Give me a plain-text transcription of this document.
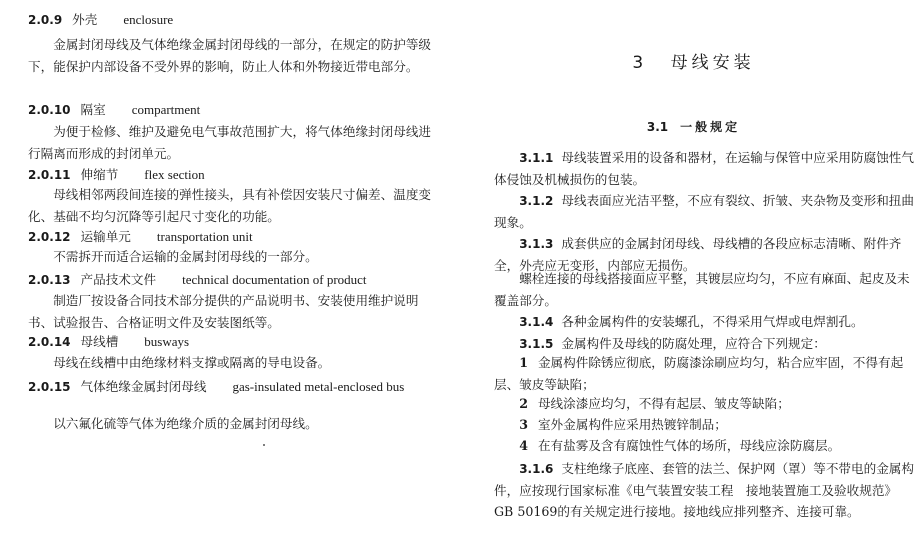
2.0.9 外壳 enclosure

金属封闭母线及气体绝缘金属封闭母线的一部分，在规定的防护等级下，能保护内部设备不受外界的影响，防止人体和外物接近带电部分。

2.0.10 隔室 compartment

为便于检修、维护及避免电气事故范围扩大，将气体绝缘封闭母线进行隔离而形成的封闭单元。

2.0.11 伸缩节 flex section

母线相邻两段间连接的弹性接头，具有补偿因安装尺寸偏差、温度变化、基础不均匀沉降等引起尺寸变化的功能。

2.0.12 运输单元 transportation unit

不需拆开而适合运输的金属封闭母线的一部分。

2.0.13 产品技术文件 technical documentation of product

制造厂按设备合同技术部分提供的产品说明书、安装使用维护说明书、试验报告、合格证明文件及安装图纸等。

2.0.14 母线槽 busways

母线在线槽中由绝缘材料支撑或隔离的导电设备。

2.0.15 气体绝缘金属封闭母线 gas-insulated metal-enclosed bus

以六氟化硫等气体为绝缘介质的金属封闭母线。

3 母线安装

3.1 一般规定

3.1.1 母线装置采用的设备和器材，在运输与保管中应采用防腐蚀性气体侵蚀及机械损伤的包装。

3.1.2 母线表面应光洁平整，不应有裂纹、折皱、夹杂物及变形和扭曲现象。

3.1.3 成套供应的金属封闭母线、母线槽的各段应标志清晰、附件齐全，外壳应无变形，内部应无损伤。

螺栓连接的母线搭接面应平整，其镀层应均匀，不应有麻面、起皮及未覆盖部分。

3.1.4 各种金属构件的安装螺孔，不得采用气焊或电焊割孔。

3.1.5 金属构件及母线的防腐处理，应符合下列规定：

1 金属构件除锈应彻底，防腐漆涂刷应均匀，粘合应牢固，不得有起层、皱皮等缺陷；

2 母线涂漆应均匀，不得有起层、皱皮等缺陷；

3 室外金属构件应采用热镀锌制品；

4 在有盐雾及含有腐蚀性气体的场所，母线应涂防腐层。

3.1.6 支柱绝缘子底座、套管的法兰、保护网（罩）等不带电的金属构件，应按现行国家标准《电气装置安装工程　接地装置施工及验收规范》GB 50169的有关规定进行接地。接地线应排列整齐、连接可靠。
